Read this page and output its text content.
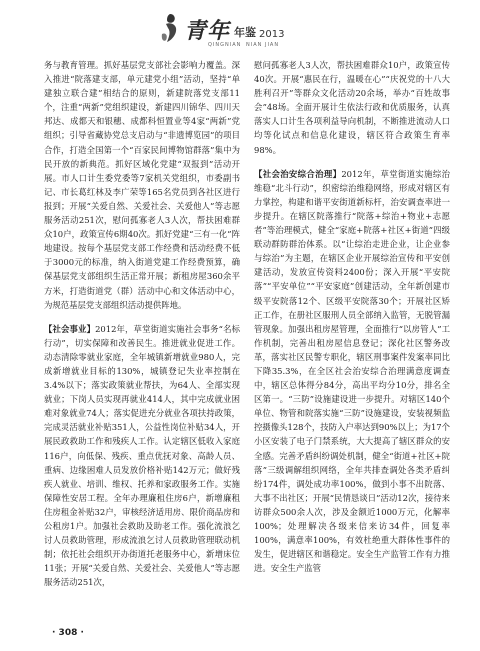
青年 年鉴 2013
QINGNIAN NIAN JIAN

务与教育管理。抓好基层党支部社会影响力覆盖。深入推进“院落建支部，单元建党小组”活动，坚持“单建独立联合建”相结合的原则，新建院落党支部11个，注重“两新”党组织建设，新建四川锦华、四川天邦达、成都天和银穗、成都科恒置业等4家“两新”党组织；引导省藏协党总支启动与“非遗博览园”的项目合作，打造全国第一个“百家民间博物馆群落”集中为民开放的新典范。抓好区域化党建“双报到”活动开展。市人口计生委党委等7家机关党组织，市委副书记、市长葛红林及李广荣等165名党员到各社区进行报到；开展“关爱自然、关爱社会、关爱他人”等志愿服务活动251次，慰问孤寡老人3人次，帮扶困难群众10户，政策宣传6期40次。抓好党建“三有一化”阵地建设。按每个基层党支部工作经费和活动经费不低于3000元的标准，纳入街道党建工作经费预算，确保基层党支部组织生活正常开展；新租房屋360余平方米，打造街道党（群）活动中心和文体活动中心，为规范基层党支部组织活动提供阵地。

【社会事业】2012年，草堂街道实施社会事务“名标行动”，切实保障和改善民生。推进就业促进工作。动态清除零就业家庭，全年城镇新增就业980人，完成新增就业目标的130%，城镇登记失业率控制在3.4%以下；落实政策就业帮扶，为64人、全部实现就业；下岗人员实现再就业414人，其中完成就业困难对象就业74人；落实促进充分就业各项扶持政策，完成灵活就业补贴351人，公益性岗位补贴34人，开展民政救助工作和残疾人工作。认定辖区低收入家庭116户，向低保、残疾、重点优抚对象、高龄人员、重病、边缘困难人员发放价格补贴142万元；做好残疾人就业、培训、维权、托养和家政服务工作。实施保障性安居工程。全年办理廉租住房6户，新增廉租住房租金补贴32户，审核经济适用房、限价商品房和公租房1户。加强社会救助及助老工作。强化流浪乞讨人员救助管理，形成流浪乞讨人员救助管理联动机制；依托社会组织开办街道托老服务中心，新增床位11张；开展“关爱自然、关爱社会、关爱他人”等志愿服务活动251次，

慰问孤寡老人3人次，帮扶困难群众10户，政策宣传40次。开展“惠民在行，温暖在心”“庆祝党的十八大胜利召开”等群众文化活动20余场，举办“百姓故事会”48场。全面开展计生依法行政和优质服务，认真落实人口计生各项利益导向机制，不断推进流动人口均等化试点和信息化建设，辖区符合政策生育率98%。

【社会治安综合治理】2012年，草堂街道实施综治维稳“北斗行动”，织密综治维稳网络，形成对辖区有力掌控，构建和谐平安街道新标杆，治安调查率进一步提升。在辖区院落推行“院落+综治+物业+志愿者”等治理模式，健全“家庭+院落+社区+街道”四级联动群防群治体系。以“让综治走进企业，让企业参与综治”为主题，在辖区企业开展综治宣传和平安创建活动，发放宣传资料2400份；深入开展“平安院落”“平安单位”“平安家庭”创建活动，全年新创建市级平安院落12个、区级平安院落30个；开展社区矫正工作，在册社区服刑人员全部纳入监管，无脱管漏管现象。加强出租房屋管理，全面推行“以房管人”工作机制，完善出租房屋信息登记；深化社区警务改革，落实社区民警专职化，辖区刑事案件发案率同比下降35.3%，在全区社会治安综合治理满意度调查中，辖区总体得分84分，高出平均分10分，排名全区第一。“三防”设施建设进一步提升。对辖区140个单位、物管和院落实施“三防”设施建设，安装视频监控摄像头128个，技防入户率达到90%以上；为17个小区安装了电子门禁系统，大大提高了辖区群众的安全感。完善矛盾纠纷调处机制，健全“街道+社区+院落”三级调解组织网络，全年共排查调处各类矛盾纠纷174件，调处成功率100%，做到小事不出院落、大事不出社区；开展“民情恳谈日”活动12次，接待来访群众500余人次，涉及金额近1000万元，化解率100%；处理解决各级来信来访34件，回复率100%，满意率100%，有效杜绝重大群体性事件的发生，促进辖区和谐稳定。安全生产监管工作有力推进。安全生产监管

· 308 ·
